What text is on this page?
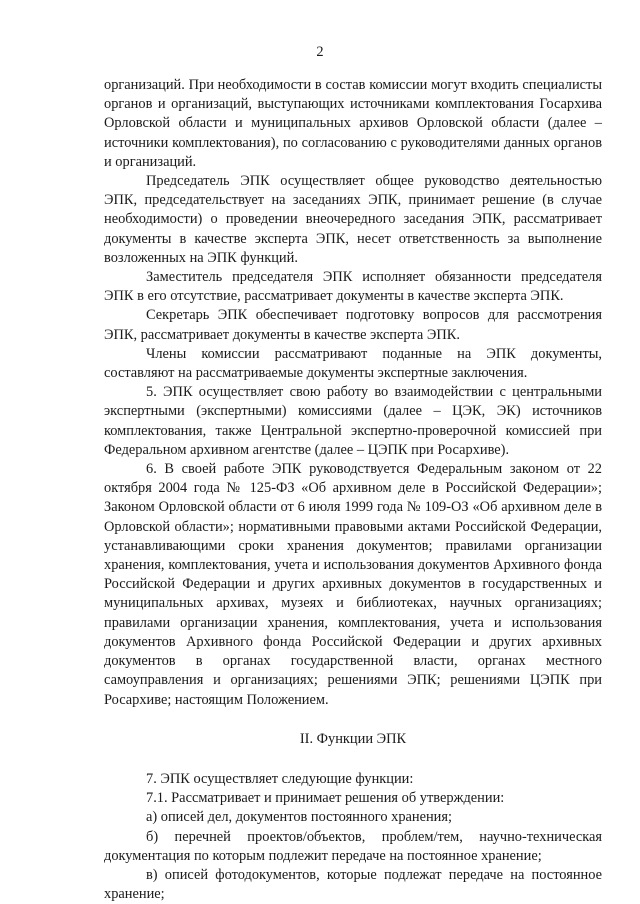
2

организаций. При необходимости в состав комиссии могут входить специалисты органов и организаций, выступающих источниками комплектования Госархива Орловской области и муниципальных архивов Орловской области (далее – источники комплектования), по согласованию с руководителями данных органов и организаций.

Председатель ЭПК осуществляет общее руководство деятельностью ЭПК, председательствует на заседаниях ЭПК, принимает решение (в случае необходимости) о проведении внеочередного заседания ЭПК, рассматривает документы в качестве эксперта ЭПК, несет ответственность за выполнение возложенных на ЭПК функций.

Заместитель председателя ЭПК исполняет обязанности председателя ЭПК в его отсутствие, рассматривает документы в качестве эксперта ЭПК.

Секретарь ЭПК обеспечивает подготовку вопросов для рассмотрения ЭПК, рассматривает документы в качестве эксперта ЭПК.

Члены комиссии рассматривают поданные на ЭПК документы, составляют на рассматриваемые документы экспертные заключения.

5. ЭПК осуществляет свою работу во взаимодействии с центральными экспертными (экспертными) комиссиями (далее – ЦЭК, ЭК) источников комплектования, также Центральной экспертно-проверочной комиссией при Федеральном архивном агентстве (далее – ЦЭПК при Росархиве).

6. В своей работе ЭПК руководствуется Федеральным законом от 22 октября 2004 года № 125-ФЗ «Об архивном деле в Российской Федерации»; Законом Орловской области от 6 июля 1999 года № 109-ОЗ «Об архивном деле в Орловской области»; нормативными правовыми актами Российской Федерации, устанавливающими сроки хранения документов; правилами организации хранения, комплектования, учета и использования документов Архивного фонда Российской Федерации и других архивных документов в государственных и муниципальных архивах, музеях и библиотеках, научных организациях; правилами организации хранения, комплектования, учета и использования документов Архивного фонда Российской Федерации и других архивных документов в органах государственной власти, органах местного самоуправления и организациях; решениями ЭПК; решениями ЦЭПК при Росархиве; настоящим Положением.

II. Функции ЭПК

7. ЭПК осуществляет следующие функции:

7.1. Рассматривает и принимает решения об утверждении:

а) описей дел, документов постоянного хранения;

б) перечней проектов/объектов, проблем/тем, научно-техническая документация по которым подлежит передаче на постоянное хранение;

в) описей фотодокументов, которые подлежат передаче на постоянное хранение;
